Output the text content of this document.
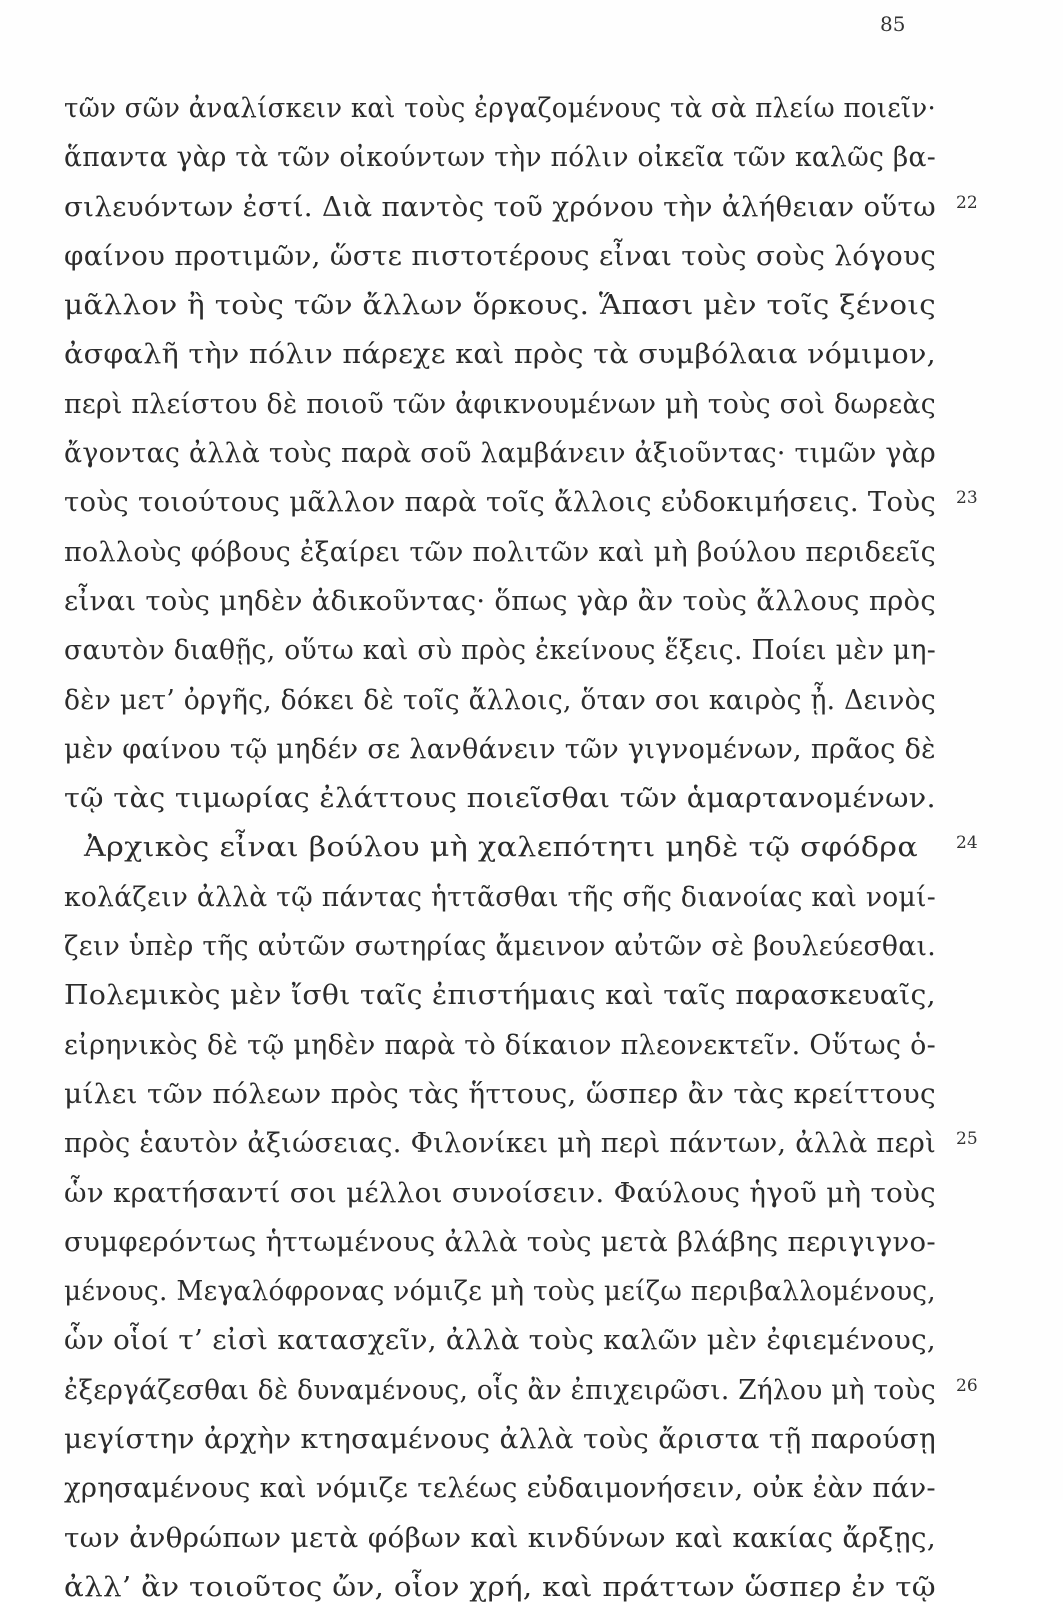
85
τῶν σῶν ἀναλίσκειν καὶ τοὺς ἐργαζομένους τὰ σὰ πλείω ποιεῖν·
ἅπαντα γὰρ τὰ τῶν οἰκούντων τὴν πόλιν οἰκεῖα τῶν καλῶς βα-
σιλευόντων ἐστί. Διὰ παντὸς τοῦ χρόνου τὴν ἀλήθειαν οὕτω 22
φαίνου προτιμῶν, ὥστε πιστοτέρους εἶναι τοὺς σοὺς λόγους
μᾶλλον ἢ τοὺς τῶν ἄλλων ὅρκους. Ἅπασι μὲν τοῖς ξένοις
ἀσφαλῆ τὴν πόλιν πάρεχε καὶ πρὸς τὰ συμβόλαια νόμιμον,
περὶ πλείστου δὲ ποιοῦ τῶν ἀφικνουμένων μὴ τοὺς σοὶ δωρεὰς
ἄγοντας ἀλλὰ τοὺς παρὰ σοῦ λαμβάνειν ἀξιοῦντας· τιμῶν γὰρ
τοὺς τοιούτους μᾶλλον παρὰ τοῖς ἄλλοις εὐδοκιμήσεις. Τοὺς 23
πολλοὺς φόβους ἐξαίρει τῶν πολιτῶν καὶ μὴ βούλου περιδεεῖς
εἶναι τοὺς μηδὲν ἀδικοῦντας· ὅπως γὰρ ἂν τοὺς ἄλλους πρὸς
σαυτὸν διαθῇς, οὕτω καὶ σὺ πρὸς ἐκείνους ἕξεις. Ποίει μὲν μη-
δὲν μετ’ ὀργῆς, δόκει δὲ τοῖς ἄλλοις, ὅταν σοι καιρὸς ᾖ. Δεινὸς
μὲν φαίνου τῷ μηδέν σε λανθάνειν τῶν γιγνομένων, πρᾶος δὲ
τῷ τὰς τιμωρίας ἐλάττους ποιεῖσθαι τῶν ἁμαρτανομένων.
Ἀρχικὸς εἶναι βούλου μὴ χαλεπότητι μηδὲ τῷ σφόδρα 24
κολάζειν ἀλλὰ τῷ πάντας ἡττᾶσθαι τῆς σῆς διανοίας καὶ νομί-
ζειν ὑπὲρ τῆς αὐτῶν σωτηρίας ἄμεινον αὐτῶν σὲ βουλεύεσθαι.
Πολεμικὸς μὲν ἴσθι ταῖς ἐπιστήμαις καὶ ταῖς παρασκευαῖς,
εἰρηνικὸς δὲ τῷ μηδὲν παρὰ τὸ δίκαιον πλεονεκτεῖν. Οὕτως ὁ-
μίλει τῶν πόλεων πρὸς τὰς ἥττους, ὥσπερ ἂν τὰς κρείττους
πρὸς ἑαυτὸν ἀξιώσειας. Φιλονίκει μὴ περὶ πάντων, ἀλλὰ περὶ 25
ὧν κρατήσαντί σοι μέλλοι συνοίσειν. Φαύλους ἡγοῦ μὴ τοὺς
συμφερόντως ἡττωμένους ἀλλὰ τοὺς μετὰ βλάβης περιγιγνο-
μένους. Μεγαλόφρονας νόμιζε μὴ τοὺς μείζω περιβαλλομένους,
ὧν οἷοί τ’ εἰσὶ κατασχεῖν, ἀλλὰ τοὺς καλῶν μὲν ἐφιεμένους,
ἐξεργάζεσθαι δὲ δυναμένους, οἷς ἂν ἐπιχειρῶσι. Ζήλου μὴ τοὺς 26
μεγίστην ἀρχὴν κτησαμένους ἀλλὰ τοὺς ἄριστα τῇ παρούσῃ
χρησαμένους καὶ νόμιζε τελέως εὐδαιμονήσειν, οὐκ ἐὰν πάν-
των ἀνθρώπων μετὰ φόβων καὶ κινδύνων καὶ κακίας ἄρξῃς,
ἀλλ’ ἂν τοιοῦτος ὤν, οἷον χρή, καὶ πράττων ὥσπερ ἐν τῷ
